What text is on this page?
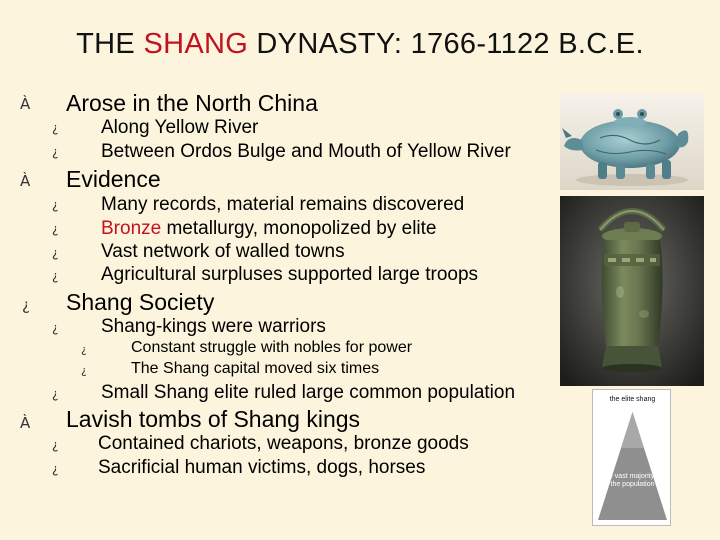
the elite shang
the vast majority of the population
THE SHANG DYNASTY: 1766-1122 B.C.E.
À Arose in the North China
¿ Along Yellow River
¿ Between Ordos Bulge and Mouth of Yellow River
À Evidence
¿ Many records, material remains discovered
¿ Bronze metallurgy, monopolized by elite
¿ Vast network of walled towns
¿ Agricultural surpluses supported large troops
¿ Shang Society
¿ Shang-kings were warriors
¿	Constant struggle with nobles for power
¿	The Shang capital moved six times
¿ Small Shang elite ruled large common population
À Lavish tombs of Shang kings
¿ Contained chariots, weapons, bronze goods
¿ Sacrificial human victims, dogs, horses
